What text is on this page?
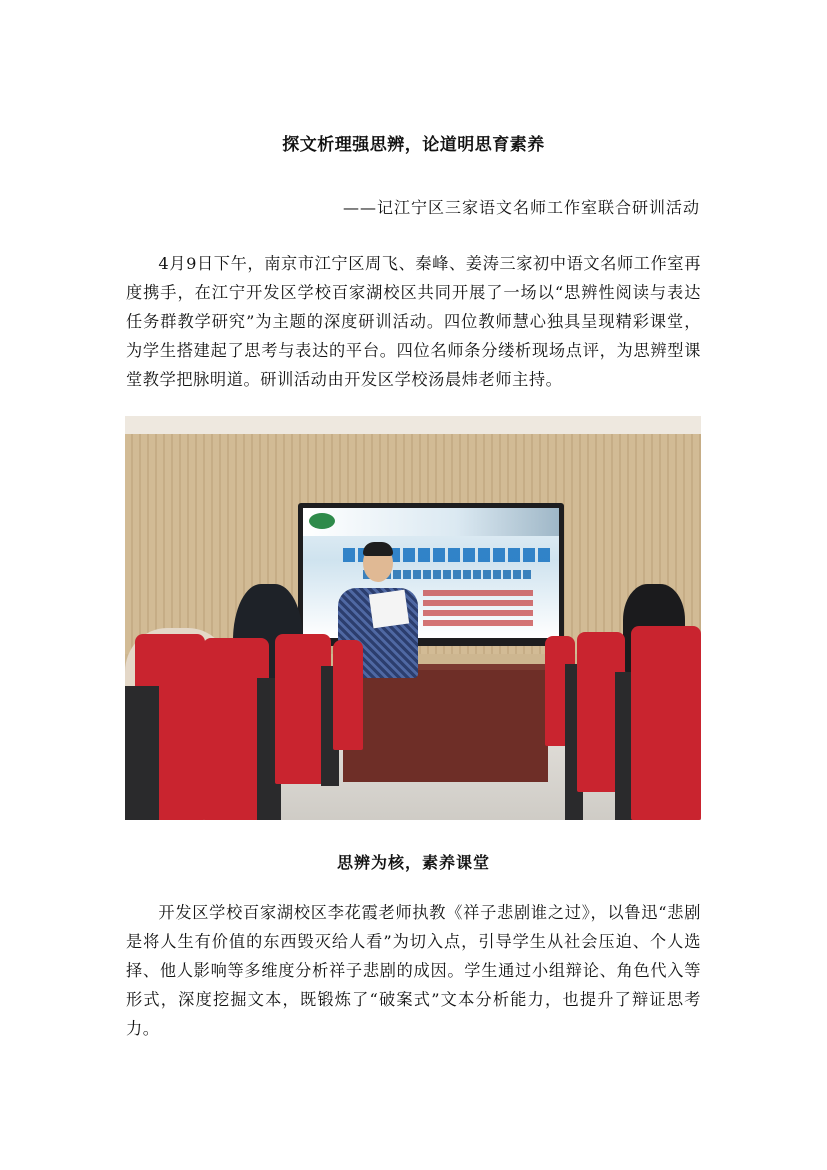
探文析理强思辨，论道明思育素养
——记江宁区三家语文名师工作室联合研训活动

4月9日下午，南京市江宁区周飞、秦峰、姜涛三家初中语文名师工作室再度携手，在江宁开发区学校百家湖校区共同开展了一场以“思辨性阅读与表达任务群教学研究”为主题的深度研训活动。四位教师慧心独具呈现精彩课堂，为学生搭建起了思考与表达的平台。四位名师条分缕析现场点评，为思辨型课堂教学把脉明道。研训活动由开发区学校汤晨炜老师主持。

思辨为核，素养课堂

开发区学校百家湖校区李花霞老师执教《祥子悲剧谁之过》，以鲁迅“悲剧是将人生有价值的东西毁灭给人看”为切入点，引导学生从社会压迫、个人选择、他人影响等多维度分析祥子悲剧的成因。学生通过小组辩论、角色代入等形式，深度挖掘文本，既锻炼了“破案式”文本分析能力，也提升了辩证思考力。
